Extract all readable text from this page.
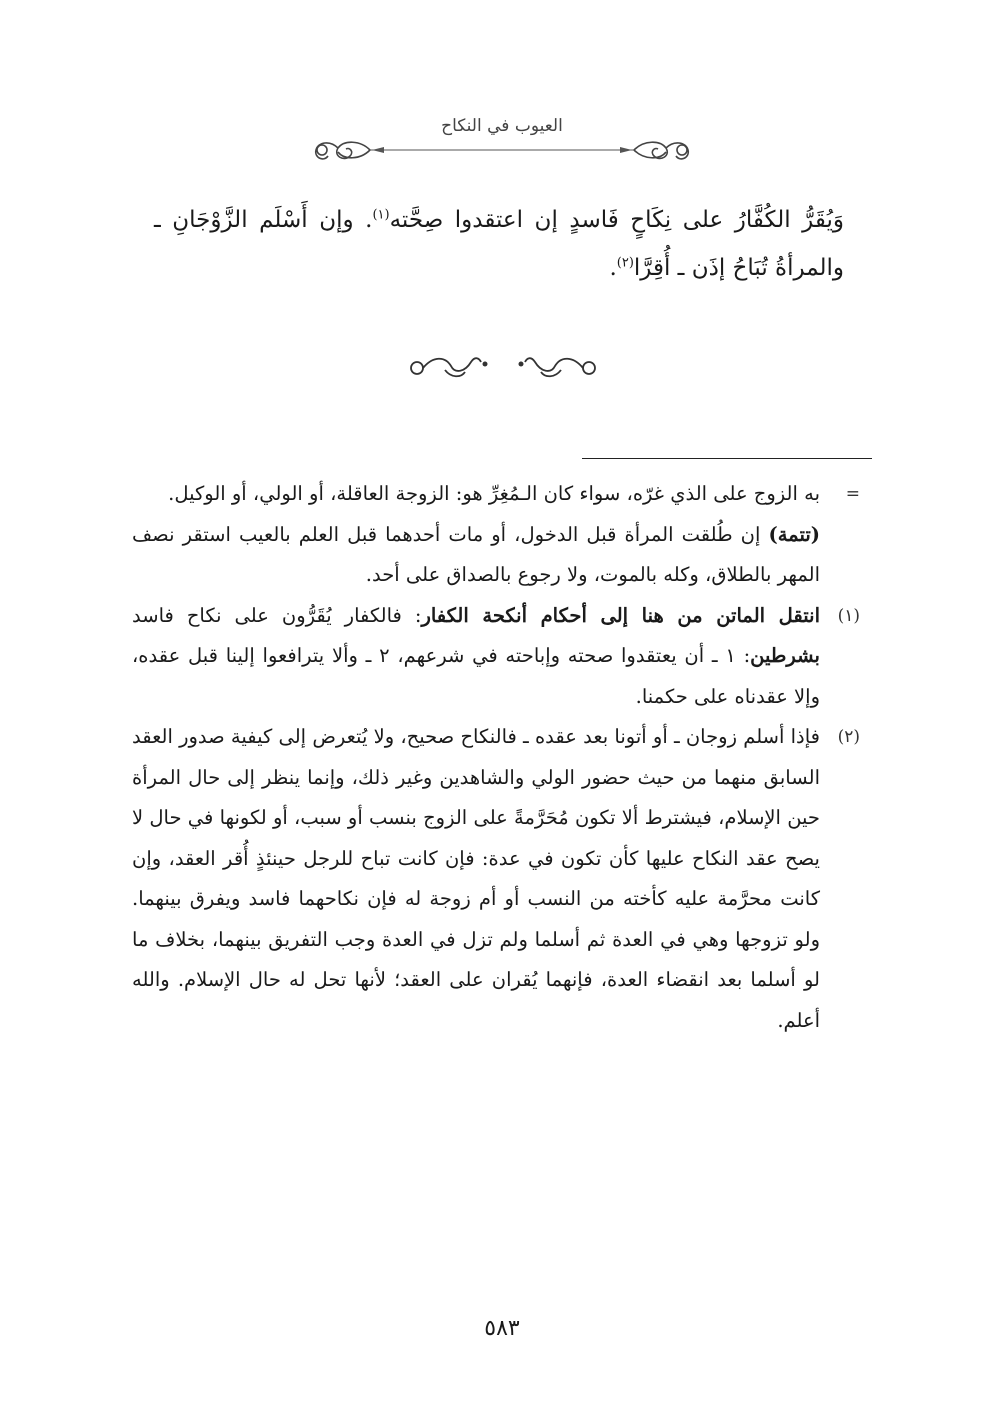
العيوب في النكاح

وَيُقَرُّ الكُفَّارُ على نِكَاحٍ فَاسدٍ إن اعتقدوا صِحَّته$^{(١)}$. وإن أَسْلَم الزَّوْجَانِ ـ والمرأةُ تُبَاحُ إذَن ـ أُقِرَّا$^{(٢)}$.

=

به الزوج على الذي غرّه، سواء كان الـمُغِرِّ هو: الزوجة العاقلة، أو الولي، أو الوكيل.

(تتمة) إن طُلقت المرأة قبل الدخول، أو مات أحدهما قبل العلم بالعيب استقر نصف المهر بالطلاق، وكله بالموت، ولا رجوع بالصداق على أحد.

(١)

انتقل الماتن من هنا إلى أحكام أنكحة الكفار: فالكفار يُقَرُّون على نكاح فاسد بشرطين: ١ ـ أن يعتقدوا صحته وإباحته في شرعهم، ٢ ـ وألا يترافعوا إلينا قبل عقده، وإلا عقدناه على حكمنا.

(٢)

فإذا أسلم زوجان ـ أو أتونا بعد عقده ـ فالنكاح صحيح، ولا يُتعرض إلى كيفية صدور العقد السابق منهما من حيث حضور الولي والشاهدين وغير ذلك، وإنما ينظر إلى حال المرأة حين الإسلام، فيشترط ألا تكون مُحَرَّمةً على الزوج بنسب أو سبب، أو لكونها في حال لا يصح عقد النكاح عليها كأن تكون في عدة: فإن كانت تباح للرجل حينئذٍ أُقر العقد، وإن كانت محرَّمة عليه كأخته من النسب أو أم زوجة له فإن نكاحهما فاسد ويفرق بينهما. ولو تزوجها وهي في العدة ثم أسلما ولم تزل في العدة وجب التفريق بينهما، بخلاف ما لو أسلما بعد انقضاء العدة، فإنهما يُقران على العقد؛ لأنها تحل له حال الإسلام. والله أعلم.

٥٨٣
